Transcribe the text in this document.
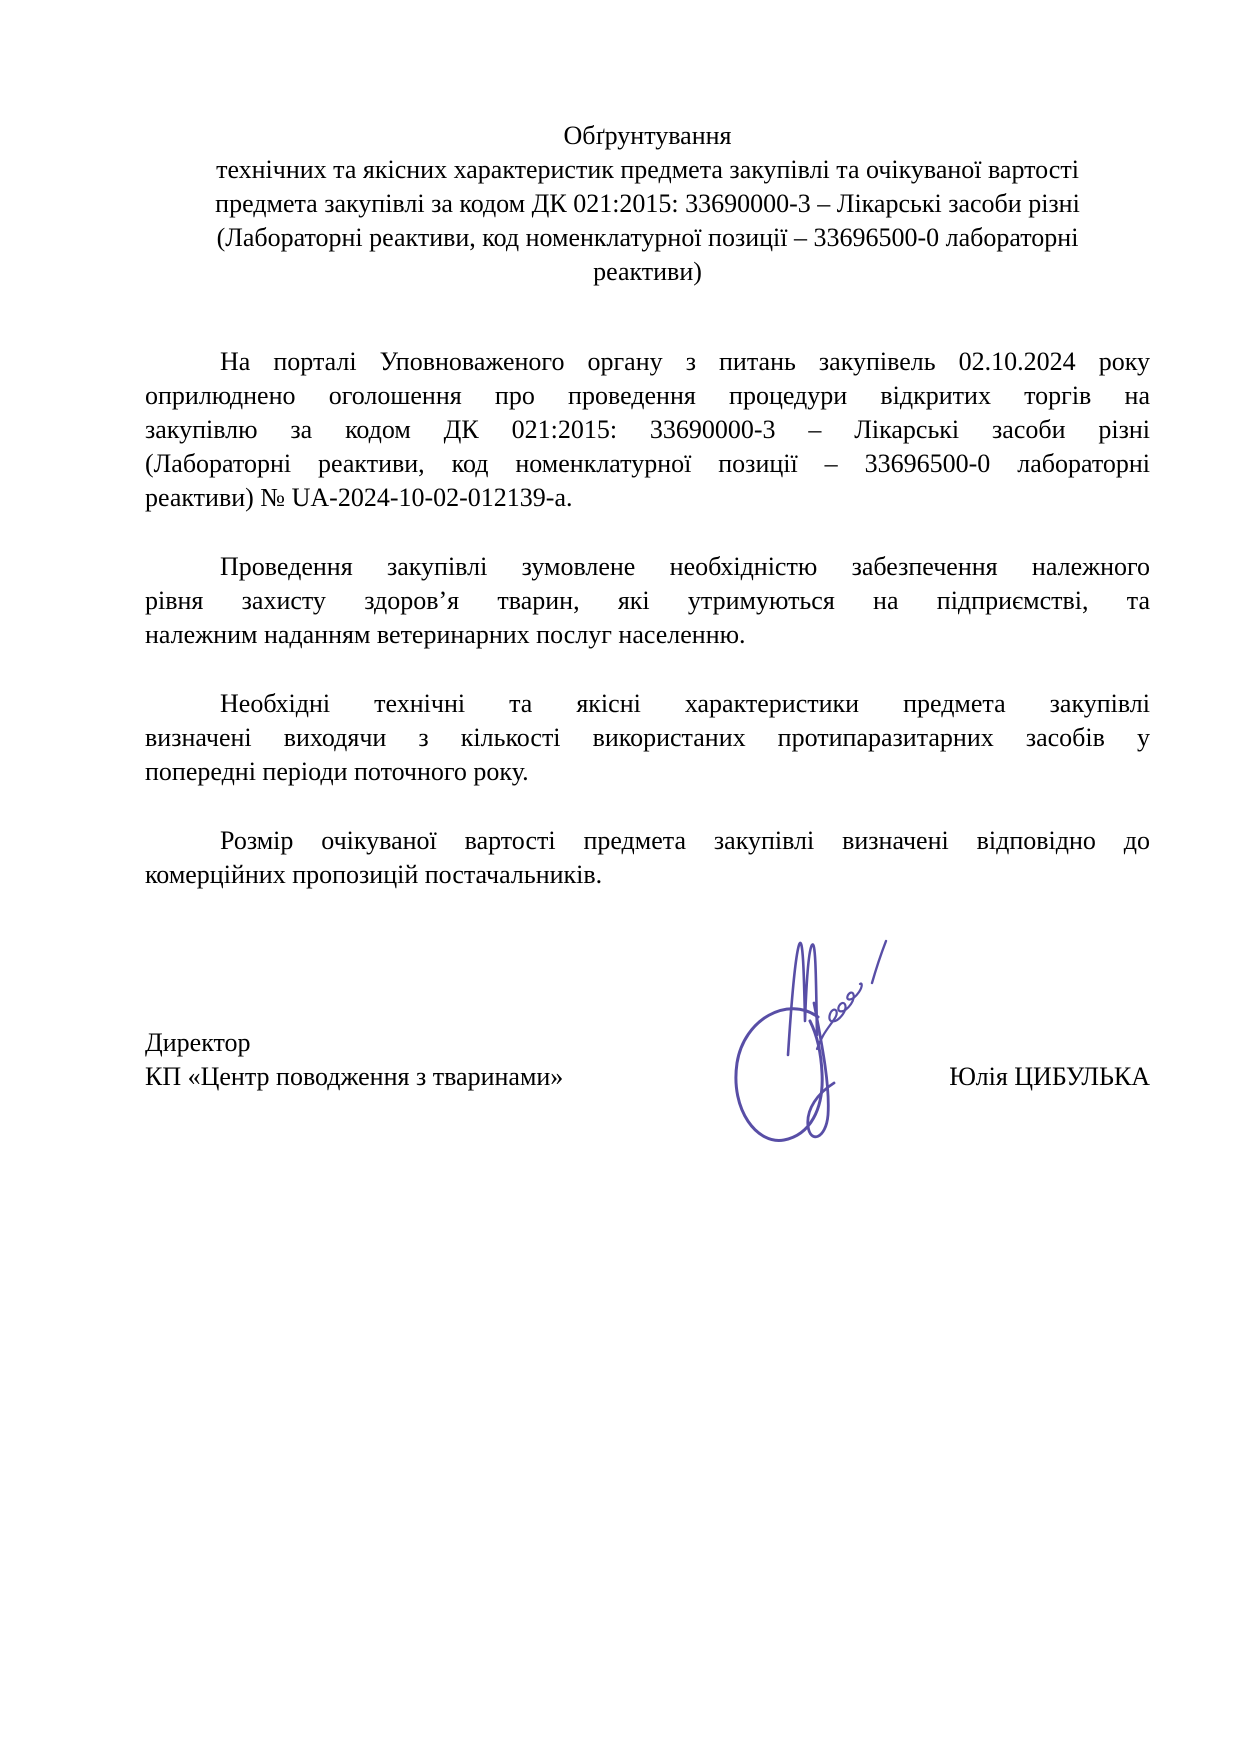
Обґрунтування
технічних та якісних характеристик предмета закупівлі та очікуваної вартості
предмета закупівлі за кодом ДК 021:2015: 33690000-3 – Лікарські засоби різні
(Лабораторні реактиви, код номенклатурної позиції – 33696500-0 лабораторні
реактиви)
На порталі Уповноваженого органу з питань закупівель 02.10.2024 року
оприлюднено оголошення про проведення процедури відкритих торгів на
закупівлю за кодом ДК 021:2015: 33690000-3 – Лікарські засоби різні
(Лабораторні реактиви, код номенклатурної позиції – 33696500-0 лабораторні
реактиви) № UA-2024-10-02-012139-а.
Проведення закупівлі зумовлене необхідністю забезпечення належного
рівня захисту здоров’я тварин, які утримуються на підприємстві, та
належним наданням ветеринарних послуг населенню.
Необхідні технічні та якісні характеристики предмета закупівлі
визначені виходячи з кількості використаних протипаразитарних засобів у
попередні періоди поточного року.
Розмір очікуваної вартості предмета закупівлі визначені відповідно до
комерційних пропозицій постачальників.
Директор
КП «Центр поводження з тваринами»	Юлія ЦИБУЛЬКА
